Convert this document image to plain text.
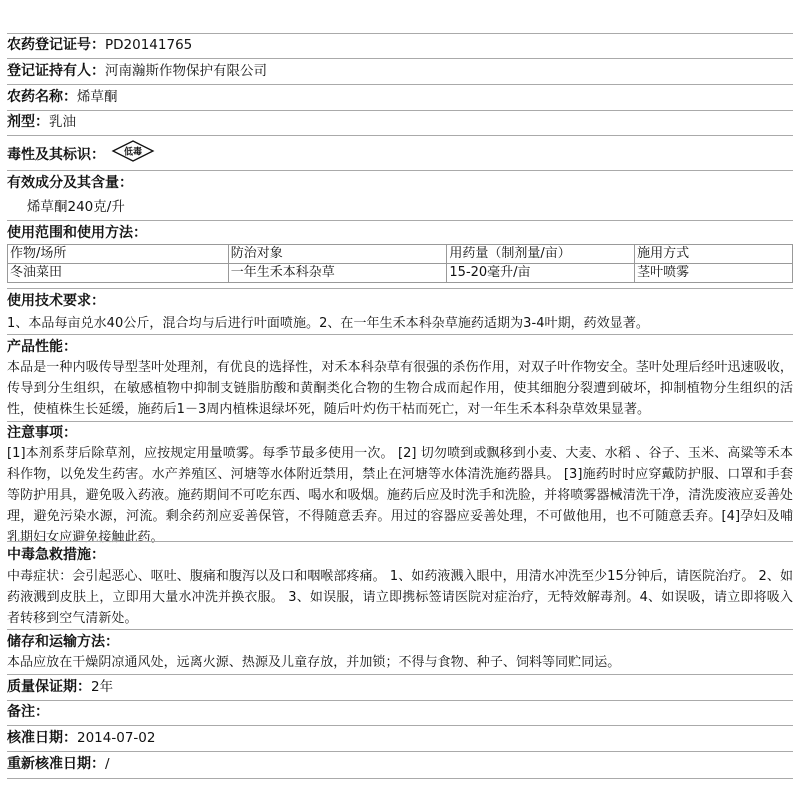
农药登记证号：PD20141765
登记证持有人：河南瀚斯作物保护有限公司
农药名称：烯草酮
剂型：乳油
毒性及其标识： 低毒
有效成分及其含量：
烯草酮240克/升
使用范围和使用方法：
作物/场所	防治对象	用药量（制剂量/亩）	施用方式
冬油菜田	一年生禾本科杂草	15-20毫升/亩	茎叶喷雾
使用技术要求：
1、本品每亩兑水40公斤，混合均与后进行叶面喷施。2、在一年生禾本科杂草施药适期为3-4叶期，药效显著。
产品性能：
本品是一种内吸传导型茎叶处理剂，有优良的选择性，对禾本科杂草有很强的杀伤作用，对双子叶作物安全。茎叶处理后经叶迅速吸收，传导到分生组织，在敏感植物中抑制支链脂肪酸和黄酮类化合物的生物合成而起作用，使其细胞分裂遭到破坏，抑制植物分生组织的活性，使植株生长延缓，施药后1－3周内植株退绿坏死，随后叶灼伤干枯而死亡，对一年生禾本科杂草效果显著。
注意事项：
[1]本剂系芽后除草剂，应按规定用量喷雾。每季节最多使用一次。 [2] 切勿喷到或飘移到小麦、大麦、水稻 、谷子、玉米、高粱等禾本科作物，以免发生药害。水产养殖区、河塘等水体附近禁用，禁止在河塘等水体清洗施药器具。 [3]施药时时应穿戴防护服、口罩和手套等防护用具，避免吸入药液。施药期间不可吃东西、喝水和吸烟。施药后应及时洗手和洗脸，并将喷雾器械清洗干净，清洗废液应妥善处理，避免污染水源，河流。剩余药剂应妥善保管，不得随意丢弃。用过的容器应妥善处理，不可做他用，也不可随意丢弃。[4]孕妇及哺乳期妇女应避免接触此药。
中毒急救措施：
中毒症状：会引起恶心、呕吐、腹痛和腹泻以及口和咽喉部疼痛。 1、如药液溅入眼中，用清水冲洗至少15分钟后，请医院治疗。 2、如药液溅到皮肤上，立即用大量水冲洗并换衣服。 3、如误服，请立即携标签请医院对症治疗，无特效解毒剂。4、如误吸，请立即将吸入者转移到空气清新处。
储存和运输方法：
本品应放在干燥阴凉通风处，远离火源、热源及儿童存放，并加锁；不得与食物、种子、饲料等同贮同运。
质量保证期：2年
备注：
核准日期：2014-07-02
重新核准日期：/
